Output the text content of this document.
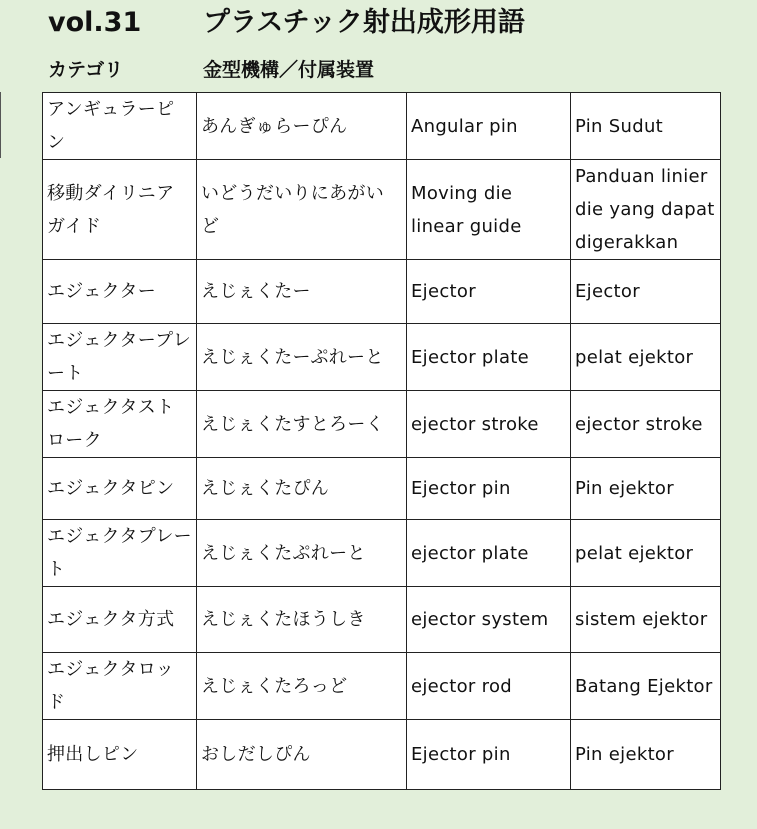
vol.31 プラスチック射出成形用語
カテゴリ	金型機構／付属装置
アンギュラーピン	あんぎゅらーぴん	Angular pin	Pin Sudut
移動ダイリニアガイド	いどうだいりにあがいど	Moving die linear guide	Panduan linier die yang dapat digerakkan
エジェクター	えじぇくたー	Ejector	Ejector
エジェクタープレート	えじぇくたーぷれーと	Ejector plate	pelat ejektor
エジェクタストローク	えじぇくたすとろーく	ejector stroke	ejector stroke
エジェクタピン	えじぇくたぴん	Ejector pin	Pin ejektor
エジェクタプレート	えじぇくたぷれーと	ejector plate	pelat ejektor
エジェクタ方式	えじぇくたほうしき	ejector system	sistem ejektor
エジェクタロッド	えじぇくたろっど	ejector rod	Batang Ejektor
押出しピン	おしだしぴん	Ejector pin	Pin ejektor
